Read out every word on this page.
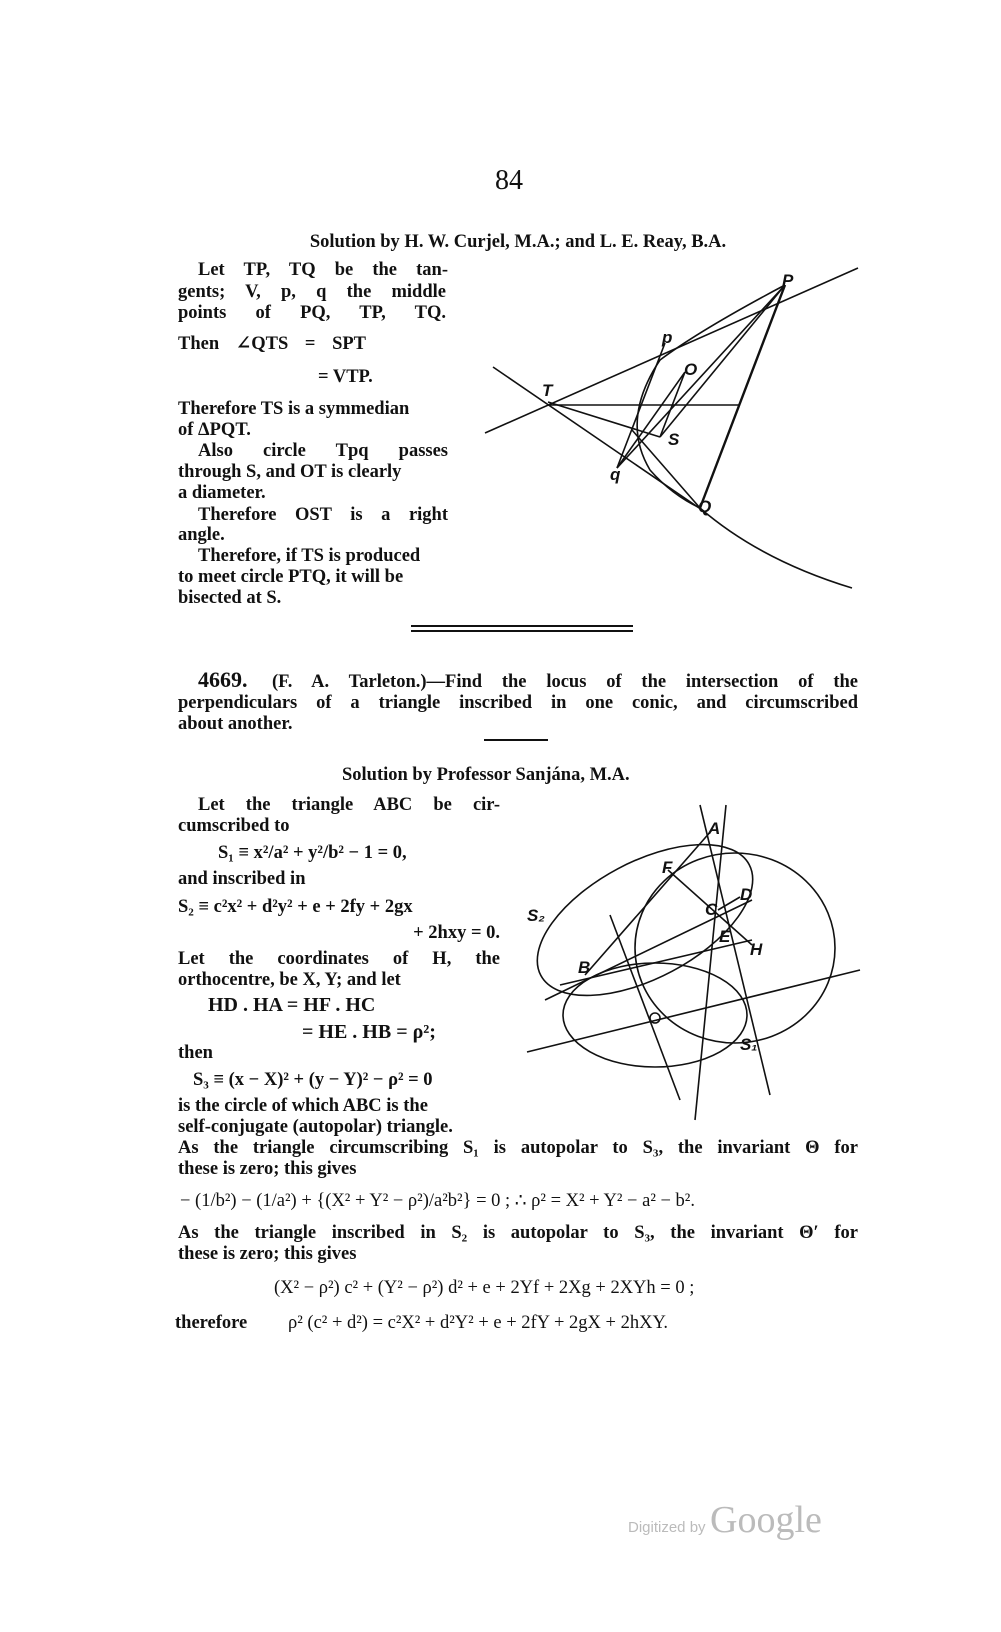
84
Solution by H. W. Curjel, M.A.; and L. E. Reay, B.A.
Let TP, TQ be the tan-
gents; V, p, q the middle
points of PQ, TP, TQ.
Then ∠QTS = SPT
= VTP.
Therefore TS is a symmedian
of ΔPQT.
Also circle Tpq passes
through S, and OT is clearly
a diameter.
Therefore OST is a right
angle.
Therefore, if TS is produced
to meet circle PTQ, it will be
bisected at S.
4669. (F. A. Tarleton.)—Find the locus of the intersection of the
perpendiculars of a triangle inscribed in one conic, and circumscribed
about another.
Solution by Professor Sanjána, M.A.
Let the triangle ABC be cir-
cumscribed to
S₁ ≡ x²/a² + y²/b² − 1 = 0,
and inscribed in
S₂ ≡ c²x² + d²y² + e + 2fy + 2gx
+ 2hxy = 0.
Let the coordinates of H, the
orthocentre, be X, Y; and let
HD . HA = HF . HC
= HE . HB = ρ²;
then
S₃ ≡ (x − X)² + (y − Y)² − ρ² = 0
is the circle of which ABC is the
self-conjugate (autopolar) triangle.
As the triangle circumscribing S₁ is autopolar to S₃, the invariant Θ for
these is zero; this gives
− (1/b²) − (1/a²) + {(X² + Y² − ρ²)/a²b²} = 0 ; ∴ ρ² = X² + Y² − a² − b².
As the triangle inscribed in S₂ is autopolar to S₃, the invariant Θ′ for
these is zero; this gives
(X² − ρ²) c² + (Y² − ρ²) d² + e + 2Yf + 2Xg + 2XYh = 0 ;
therefore ρ² (c² + d²) = c²X² + d²Y² + e + 2fY + 2gX + 2hXY.
P
p
O
T
S
q
Q
A
F
D
C
E
H
S₂
B
S₁
Digitized by Google
